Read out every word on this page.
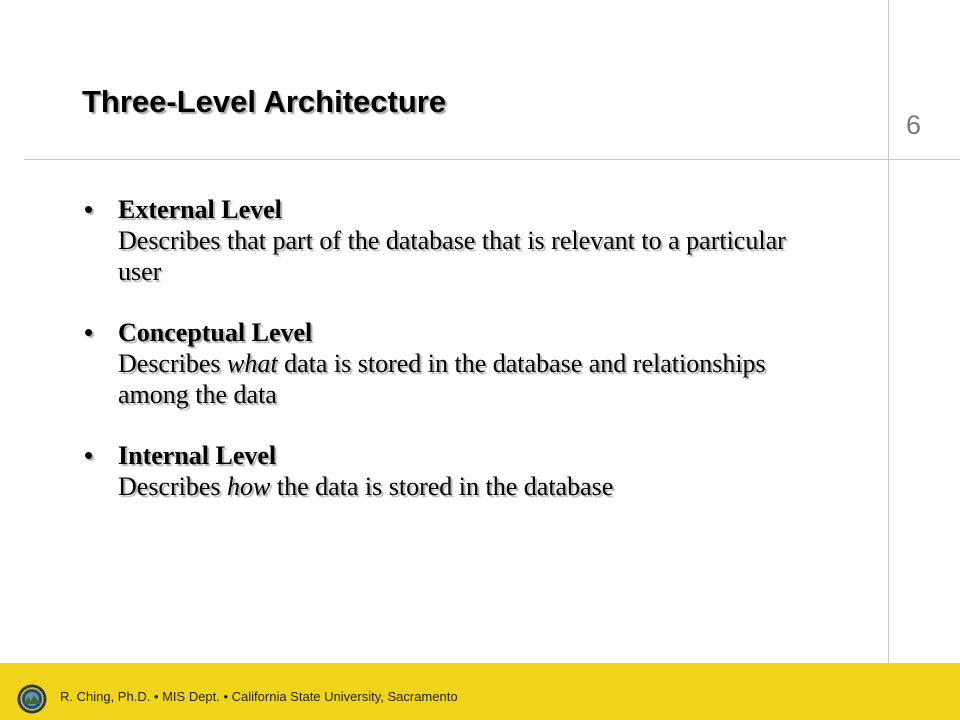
Three-Level Architecture
6
• External Level
Describes that part of the database that is relevant to a particular user
• Conceptual Level
Describes what data is stored in the database and relationships among the data
• Internal Level
Describes how the data is stored in the database
R. Ching, Ph.D. • MIS Dept. • California State University, Sacramento
